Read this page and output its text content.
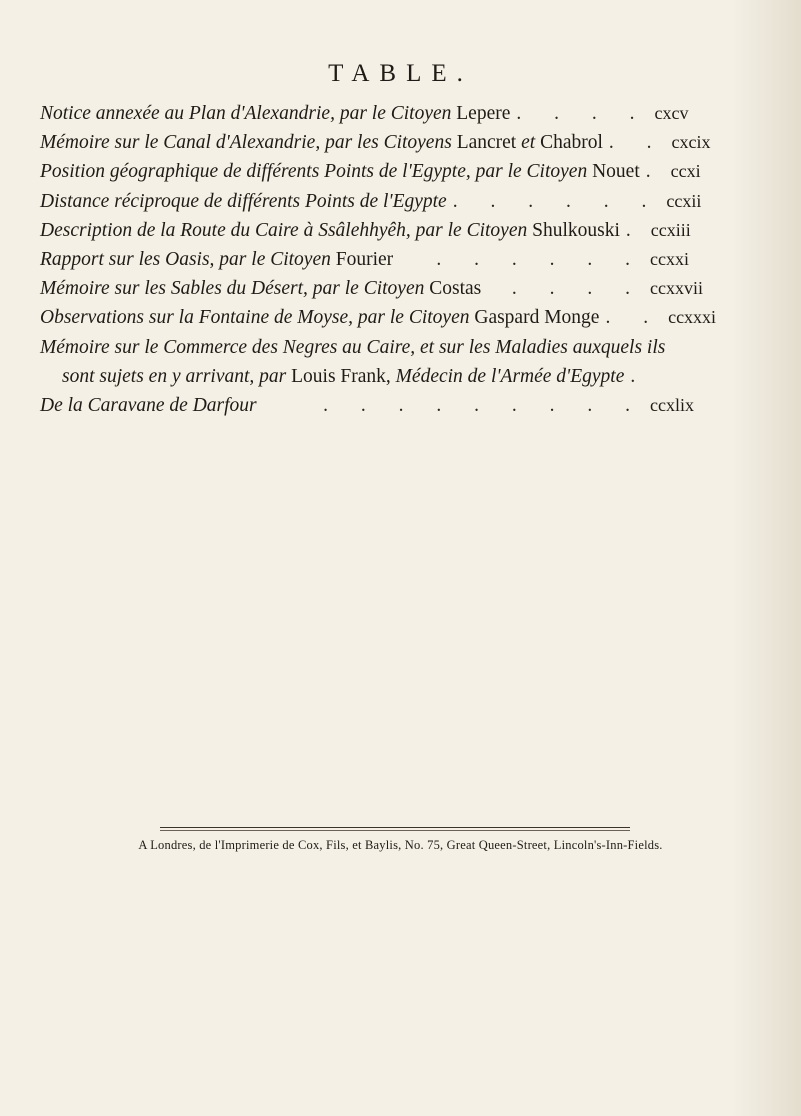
TABLE.
Notice annexée au Plan d'Alexandrie, par le Citoyen Lepere . . . . cxcv
Mémoire sur le Canal d'Alexandrie, par les Citoyens Lancret et Chabrol . . cxcix
Position géographique de différents Points de l'Egypte, par le Citoyen Nouet . ccxi
Distance réciproque de différents Points de l'Egypte . . . . . . ccxii
Description de la Route du Caire à Ssâlehhyêh, par le Citoyen Shulkouski . ccxiii
Rapport sur les Oasis, par le Citoyen Fourier	. . . . . . ccxxi
Mémoire sur les Sables du Désert, par le Citoyen Costas	. . . . ccxxvii
Observations sur la Fontaine de Moyse, par le Citoyen Gaspard Monge . . ccxxxi
Mémoire sur le Commerce des Negres au Caire, et sur les Maladies auxquels ils
sont sujets en y arrivant, par Louis Frank, Médecin de l'Armée d'Egypte .
De la Caravane de Darfour	. . . . . . . . . ccxlix
A Londres, de l'Imprimerie de Cox, Fils, et Baylis, No. 75, Great Queen-Street, Lincoln's-Inn-Fields.
